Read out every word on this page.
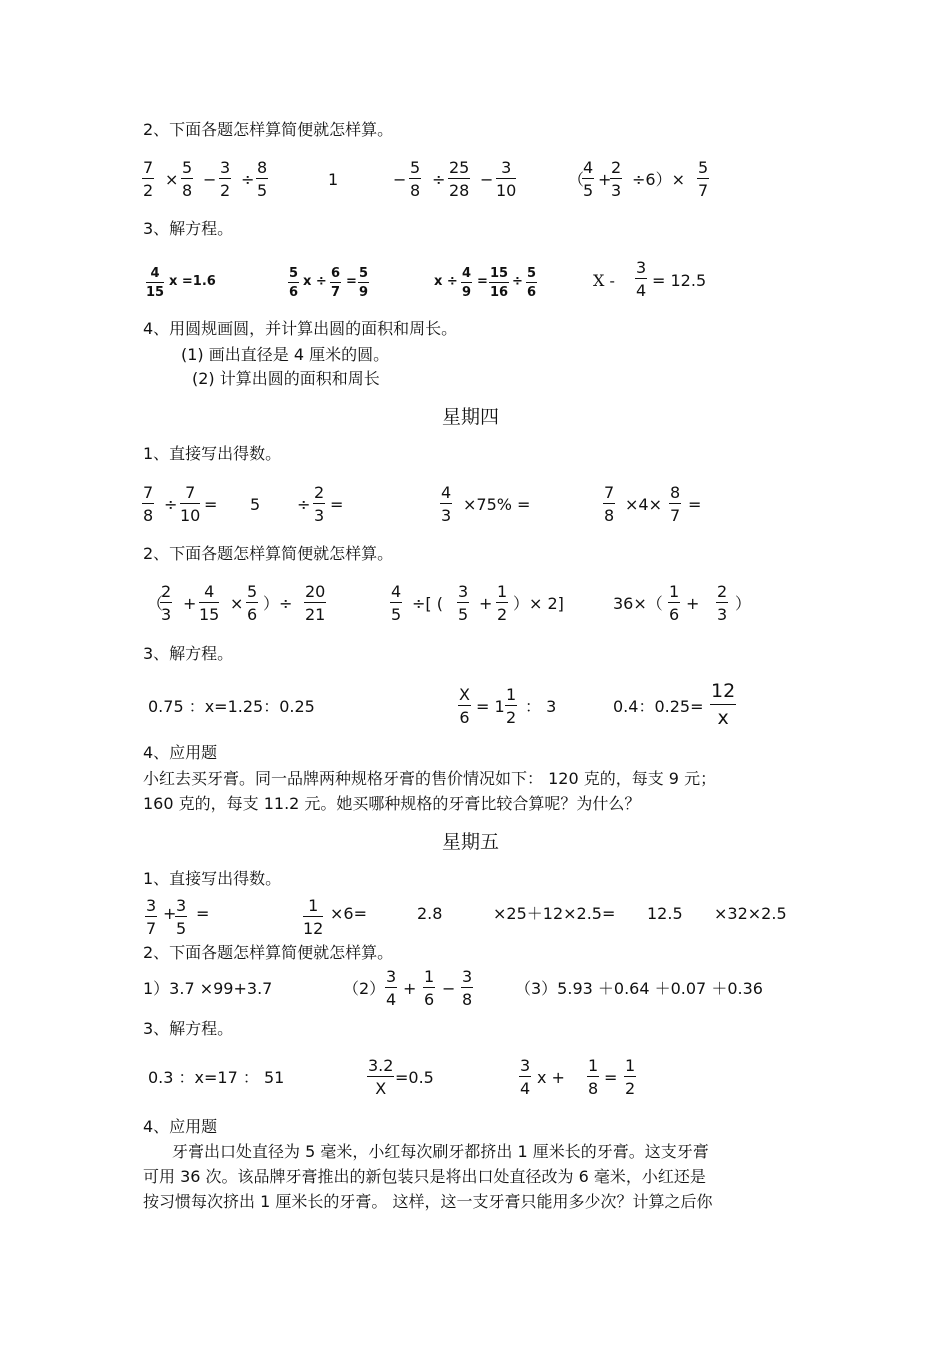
2、下面各题怎样算简便就怎样算。
7
2
×
5
8
−
3
2
÷
8
5
1	−
5
8
÷
25
28
−
3
10
（
4
5
+
2
3
÷6）×
5
7
3、解方程。
4
15
x =1.6
5
6
x ÷
6
7
=
5
9
x ÷
4
9
=
15
16
÷
5
6
X -
3
4
= 12.5
4、用圆规画圆，并计算出圆的面积和周长。
(1) 画出直径是 4 厘米的圆。
(2) 计算出圆的面积和周长
星期四
1、直接写出得数。
7
8
÷
7
10
= 5 ÷
2
3
=
4
3
×75% =
7
8
×4×
8
7
=
2、下面各题怎样算简便就怎样算。
（
2
3
+
4
15
×
5
6
）÷
20
21
4
5
÷[ (
3
5
+
1
2
）× 2]	36×（
1
6
+
2
3
）
3、解方程。
0.75 ：x=1.25：0.25
X
6
= 1
1
2
： 3	0.4：0.25=
12
x
4、应用题
小红去买牙膏。同一品牌两种规格牙膏的售价情况如下： 120 克的，每支 9 元；
160 克的，每支 11.2 元。她买哪种规格的牙膏比较合算呢？为什么？
星期五
1、直接写出得数。
3
7
+ 3
5
=	1
12
×6=	2.8	×25＋12×2.5= 12.5 ×32×2.5
2、下面各题怎样算简便就怎样算。
1）3.7 ×99+3.7	（2）
3
4
+
1
6
−
3
8
（3）5.93 ＋0.64 ＋0.07 ＋0.36
3、解方程。
0.3 ：x=17 ： 51
3.2
X
=0.5
3
4
x +
1
8
=
1
2
4、应用题
牙膏出口处直径为 5 毫米，小红每次刷牙都挤出 1 厘米长的牙膏。这支牙膏
可用 36 次。该品牌牙膏推出的新包装只是将出口处直径改为 6 毫米，小红还是
按习惯每次挤出 1 厘米长的牙膏。 这样，这一支牙膏只能用多少次？计算之后你
